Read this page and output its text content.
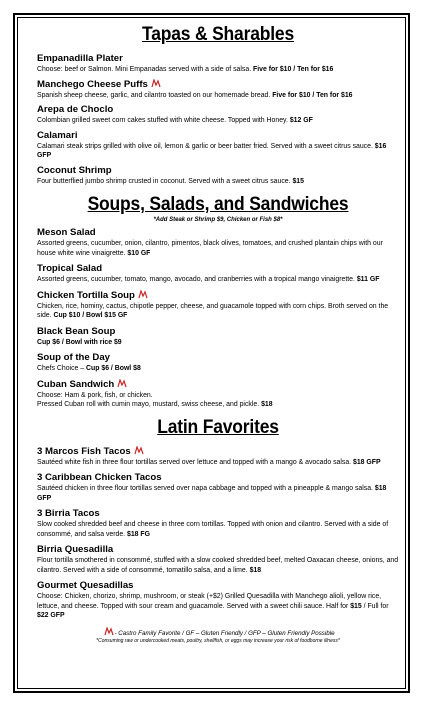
Tapas & Sharables

Empanadilla Plater

Choose: beef or Salmon. Mini Empanadas served with a side of salsa. Five for $10 / Ten for $16

Manchego Cheese Puffs

Spanish sheep cheese, garlic, and cilantro toasted on our homemade bread. Five for $10 / Ten for $16

Arepa de Choclo

Colombian grilled sweet corn cakes stuffed with white cheese. Topped with Honey. $12 GF

Calamari

Calamari steak strips grilled with olive oil, lemon & garlic or beer batter fried. Served with a sweet citrus sauce. $16 GFP

Coconut Shrimp

Four butterflied jumbo shrimp crusted in coconut. Served with a sweet citrus sauce. $15

Soups, Salads, and Sandwiches

*Add Steak or Shrimp $9, Chicken or Fish $8*

Meson Salad

Assorted greens, cucumber, onion, cilantro, pimentos, black olives, tomatoes, and crushed plantain chips with our house white wine vinaigrette. $10 GF

Tropical Salad

Assorted greens, cucumber, tomato, mango, avocado, and cranberries with a tropical mango vinaigrette. $11 GF

Chicken Tortilla Soup

Chicken, rice, hominy, cactus, chipotle pepper, cheese, and guacamole topped with corn chips. Broth served on the side. Cup $10 / Bowl $15 GF

Black Bean Soup

Cup $6 / Bowl with rice $9

Soup of the Day

Chefs Choice – Cup $6 / Bowl $8

Cuban Sandwich

Choose: Ham & pork, fish, or chicken.

Pressed Cuban roll with cumin mayo, mustard, swiss cheese, and pickle. $18

Latin Favorites

3 Marcos Fish Tacos

Sautéed white fish in three flour tortillas served over lettuce and topped with a mango & avocado salsa. $18 GFP

3 Caribbean Chicken Tacos

Sautéed chicken in three flour tortillas served over napa cabbage and topped with a pineapple & mango salsa. $18 GFP

3 Birria Tacos

Slow cooked shredded beef and cheese in three corn tortillas. Topped with onion and cilantro. Served with a side of consommé, and salsa verde. $18 FG

Birria Quesadilla

Flour tortilla smothered in consommé, stuffed with a slow cooked shredded beef, melted Oaxacan cheese, onions, and cilantro. Served with a side of consommé, tomatillo salsa, and a lime. $18

Gourmet Quesadillas

Choose: Chicken, chorizo, shrimp, mushroom, or steak (+$2) Grilled Quesadilla with Manchego alioli, yellow rice, lettuce, and cheese. Topped with sour cream and guacamole. Served with a sweet chili sauce. Half for $15 / Full for $22 GFP

- Castro Family Favorite / GF – Gluten Friendly / GFP – Gluten Friendly Possible
*Consuming raw or undercooked meats, poultry, shellfish, or eggs may increase your risk of foodborne illness*
